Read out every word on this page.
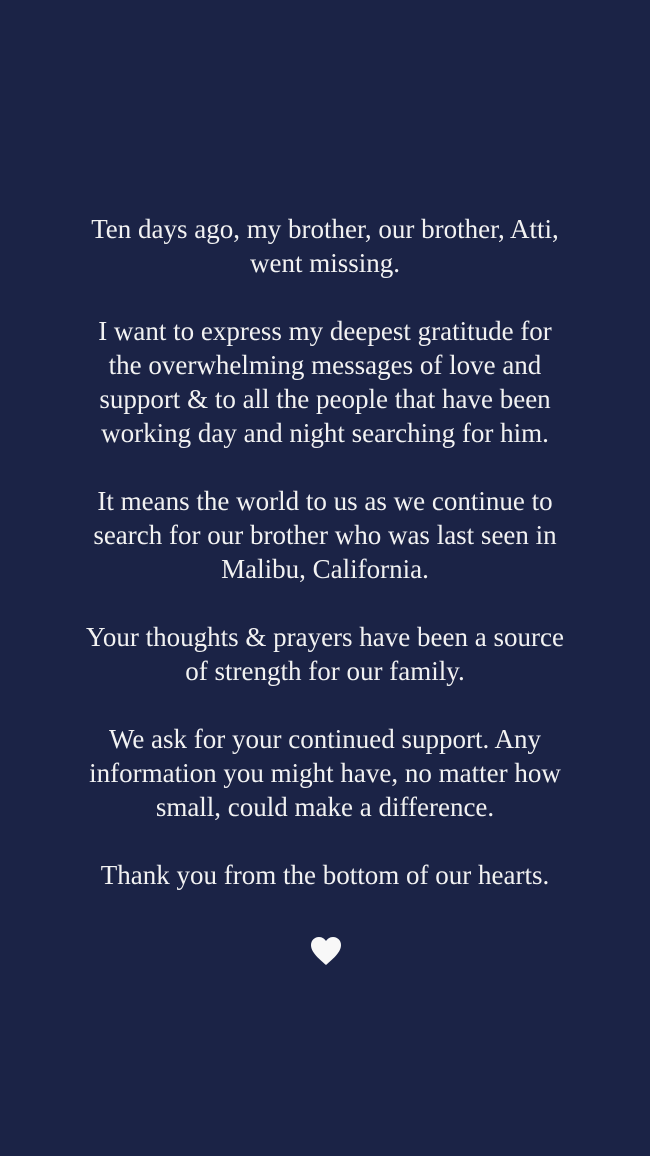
Ten days ago, my brother, our brother, Atti,
went missing.

I want to express my deepest gratitude for
the overwhelming messages of love and
support & to all the people that have been
working day and night searching for him.

It means the world to us as we continue to
search for our brother who was last seen in
Malibu, California.

Your thoughts & prayers have been a source
of strength for our family.

We ask for your continued support. Any
information you might have, no matter how
small, could make a difference.

Thank you from the bottom of our hearts.
